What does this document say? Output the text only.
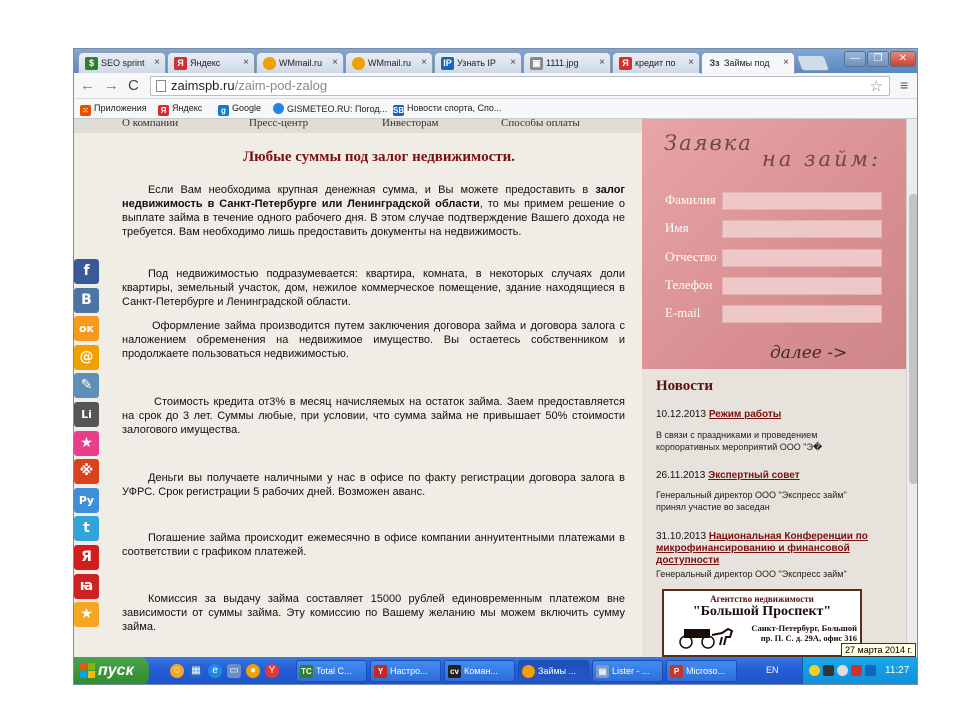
$ SEO sprint ×	Я Яндекс ×	WMmail.ru ×	WMmail.ru × IP Узнать IP × ▣ 1111.jpg ×	Я кредит по × Зз Займы под ×	—	❐	✕
← → C	zaimspb.ru/zaim-pod-zalog	☆ ≡
⁙ Приложения	Я Яндекс	g Google	GISMETEO.RU: Погод... SB Новости спорта, Спо...
О компании	Пресс-центр	Инвесторам	Способы оплаты
Любые суммы под залог недвижимости.
Если Вам необходима крупная денежная сумма, и Вы можете предоставить в залог недвижимость в Санкт-Петербурге или Ленинградской области, то мы примем решение о выплате займа в течение одного рабочего дня. В этом случае подтверждение Вашего дохода не требуется. Вам необходимо лишь предоставить документы на недвижимость.
Под недвижимостью подразумевается: квартира, комната, в некоторых случаях доли квартиры, земельный участок, дом, нежилое коммерческое помещение, здание находящиеся в Санкт-Петербурге и Ленинградской области.
Оформление займа производится путем заключения договора займа и договора залога с наложением обременения на недвижимое имущество. Вы остаетесь собственником и продолжаете пользоваться недвижимостью.
Стоимость кредита от3% в месяц начисляемых на остаток займа. Заем предоставляется на срок до 3 лет. Суммы любые, при условии, что сумма займа не привышает 50% стоимости залогового имущества.
Деньги вы получаете наличными у нас в офисе по факту регистрации договора залога в УФРС. Срок регистрации 5 рабочих дней. Возможен аванс.
Погашение займа происходит ежемесячно в офисе компании аннуитентными платежами в соответствии с графиком платежей.
Комиссия за выдачу займа составляет 15000 рублей единовременным платежом вне зависимости от суммы займа. Эту комиссию по Вашему желанию мы можем включить сумму займа.
Заявка
на займ:
Фамилия
Имя
Отчество
Телефон
E-mail
далее ->
Новости
10.12.2013 Режим работы
В связи с праздниками и проведением корпоративных мероприятий ООО "Э�
26.11.2013 Экспертный совет
Генеральный директор ООО "Экспресс займ" принял участие во заседан
31.10.2013 Национальная Конференции по микрофинансированию и финансовой доступности
Генеральный директор ООО "Экспресс займ"
Агентство недвижимости
"Большой Проспект"
Санкт-Петербург, Большой пр. П. С. д. 29А, офис 316
f
B
ок
@
✎
Li
★
※
Ру
t
Я
ꙗ
★
пуск	☺ ▦	e	▭	●	Y	TC Total C...	Y Настро...	cv Коман...	Займы ...	▤ Lister - ...	P Microso...	EN	11:27
27 марта 2014 г.
